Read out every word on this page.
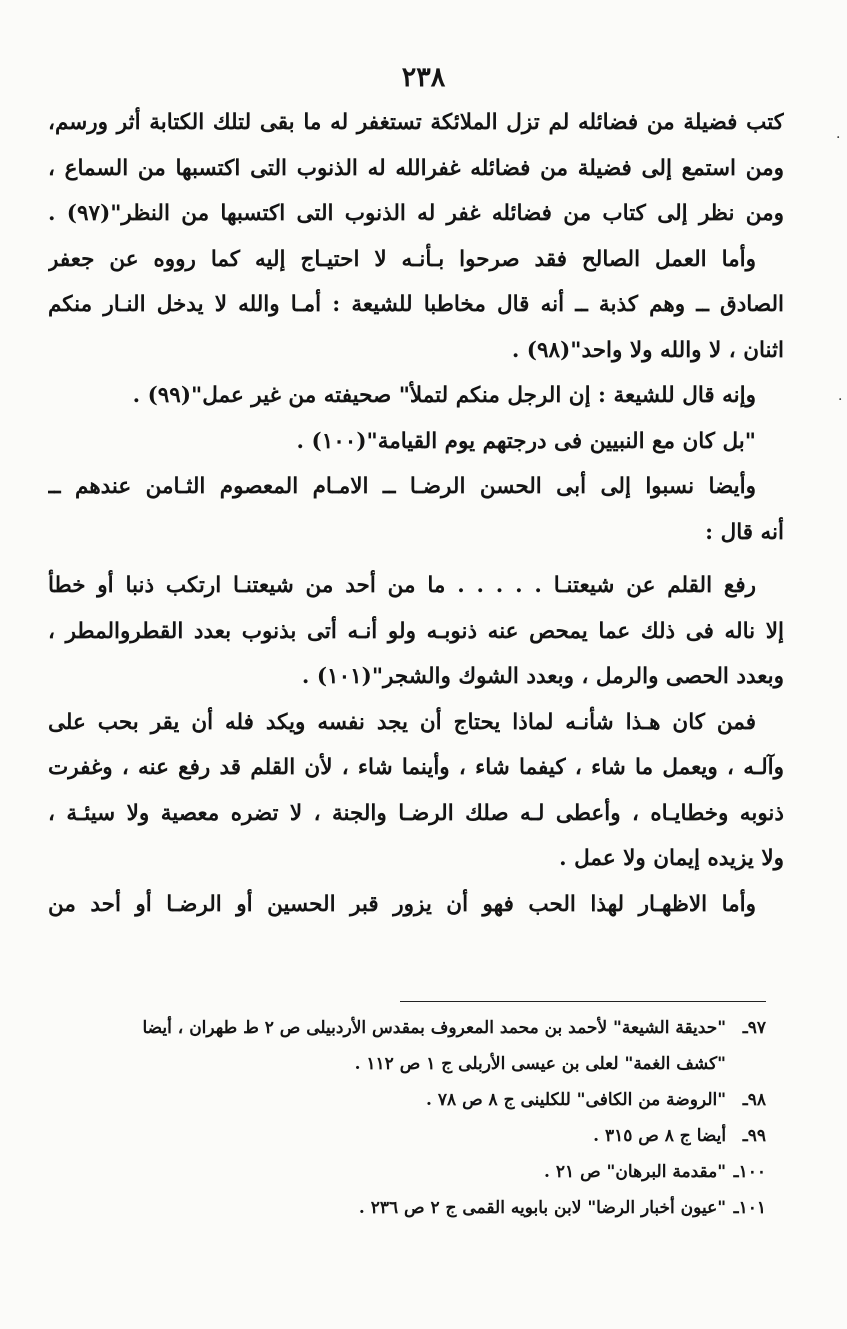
٢٣٨
كتب فضيلة من فضائله لم تزل الملائكة تستغفر له ما بقى لتلك الكتابة أثر ورسم،
ومن استمع إلى فضيلة من فضائله غفرالله له الذنوب التى اكتسبها من السماع ،
ومن نظر إلى كتاب من فضائله غفر له الذنوب التى اكتسبها من النظر"(٩٧) .
وأما العمل الصالح فقد صرحوا بـأنـه لا احتيـاج إليه كما رووه عن جعفر
الصادق ــ وهم كذبة ــ أنه قال مخاطبا للشيعة : أمـا والله لا يدخل النـار منكم
اثنان ، لا والله ولا واحد"(٩٨) .
وإنه قال للشيعة : إن الرجل منكم لتملأ" صحيفته من غير عمل"(٩٩) .
"بل كان مع النبيين فى درجتهم يوم القيامة"(١٠٠) .
وأيضا نسبوا إلى أبى الحسن الرضـا ــ الامـام المعصوم الثـامن عندهم ــ
أنه قال :
رفع القلم عن شيعتنـا . . . . . ما من أحد من شيعتنـا ارتكب ذنبا أو خطأ
إلا ناله فى ذلك عما يمحص عنه ذنوبـه ولو أنـه أتى بذنوب بعدد القطروالمطر ،
وبعدد الحصى والرمل ، وبعدد الشوك والشجر"(١٠١) .
فمن كان هـذا شأنـه لماذا يحتاج أن يجد نفسه ويكد فله أن يقر بحب على
وآلـه ، ويعمل ما شاء ، كيفما شاء ، وأينما شاء ، لأن القلم قد رفع عنه ، وغفرت
ذنوبه وخطايـاه ، وأعطى لـه صلك الرضـا والجنة ، لا تضره معصية ولا سيئـة ،
ولا يزيده إيمان ولا عمل .
وأما الاظهـار لهذا الحب فهو أن يزور قبر الحسين أو الرضـا أو أحد من
٩٧ـ "حديقة الشيعة" لأحمد بن محمد المعروف بمقدس الأردبيلى ص ٢ ط طهران ، أيضا
"كشف الغمة" لعلى بن عيسى الأربلى ج ١ ص ١١٢ .
٩٨ـ "الروضة من الكافى" للكلينى ج ٨ ص ٧٨ .
٩٩ـ أيضا ج ٨ ص ٣١٥ .
١٠٠ـ "مقدمة البرهان" ص ٢١ .
١٠١ـ "عيون أخبار الرضا" لابن بابويه القمى ج ٢ ص ٢٣٦ .
·
·
